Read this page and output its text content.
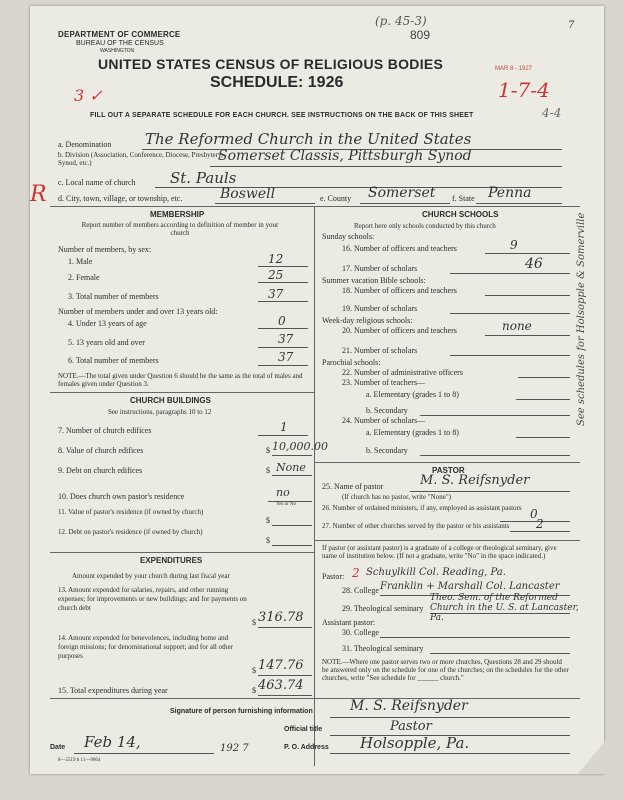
DEPARTMENT OF COMMERCE
BUREAU OF THE CENSUS
WASHINGTON
(p. 45-3)
809
7
UNITED STATES CENSUS OF RELIGIOUS BODIES	MAR 8 - 1927
SCHEDULE: 1926
3 ✓	1-7-4
4-4
FILL OUT A SEPARATE SCHEDULE FOR EACH CHURCH. SEE INSTRUCTIONS ON THE BACK OF THIS SHEET
a. Denomination The Reformed Church in the United States
b. Division (Association, Conference, Diocese, Presbytery, Synod, etc.)	Somerset Classis, Pittsburgh Synod
c. Local name of church St. Pauls
R d. City, town, village, or township, etc.	Boswell	e. County Somerset f. State Penna
MEMBERSHIP
Report number of members according to definition of member in your church
Number of members, by sex:
1. Male	12
2. Female	25
3. Total number of members	37
Number of members under and over 13 years old:
4. Under 13 years of age	0
5. 13 years old and over	37
6. Total number of members	37
NOTE.—The total given under Question 6 should be the same as the total of males and females given under Question 3.
CHURCH BUILDINGS
See instructions, paragraphs 10 to 12
7. Number of church edifices	1
8. Value of church edifices	$ 10,000.00
9. Debt on church edifices	$ None
10. Does church own pastor's residence	no
Yes or No
11. Value of pastor's residence (if owned by church)
$
12. Debt on pastor's residence (if owned by church)
$
EXPENDITURES
Amount expended by your church during last fiscal year
13. Amount expended for salaries, repairs, and other running expenses; for improvements or new buildings; and for payments on church debt
$ 316.78
14. Amount expended for benevolences, including home and foreign missions; for denominational support; and for all other purposes
$ 147.76
15. Total expenditures during year	$ 463.74
CHURCH SCHOOLS
Report here only schools conducted by this church
Sunday schools:
16. Number of officers and teachers	9
17. Number of scholars	46
Summer vacation Bible schools:
18. Number of officers and teachers
19. Number of scholars
Week-day religious schools:
20. Number of officers and teachers	none
21. Number of scholars
Parochial schools:
22. Number of administrative officers
23. Number of teachers—
a. Elementary (grades 1 to 8)
b. Secondary
24. Number of scholars—
a. Elementary (grades 1 to 8)
b. Secondary
PASTOR
25. Name of pastor	M. S. Reifsnyder
(If church has no pastor, write "None")
26. Number of ordained ministers, if any, employed as assistant pastors 0
27. Number of other churches served by the pastor or his assistants	2
If pastor (or assistant pastor) is a graduate of a college or theological seminary, give name of institution below. (If not a graduate, write "No" in the space indicated.)
Pastor: 2 Schuylkill Col. Reading, Pa.
28. College Franklin + Marshall Col. Lancaster
29. Theological seminary
Theo. Sem. of the Reformed Church in the U. S. at Lancaster, Pa.
Assistant pastor:
30. College
31. Theological seminary
NOTE.—Where one pastor serves two or more churches, Questions 28 and 29 should be answered only on the schedule for one of the churches; on the schedules for the other churches, write "See schedule for ______ church."
See schedules for Holsopple & Somerville
Signature of person furnishing information	M. S. Reifsnyder
Official title	Pastor
Date Feb 14,	192 7	P. O. Address Holsopple, Pa.
8—5519 b 11—9064
